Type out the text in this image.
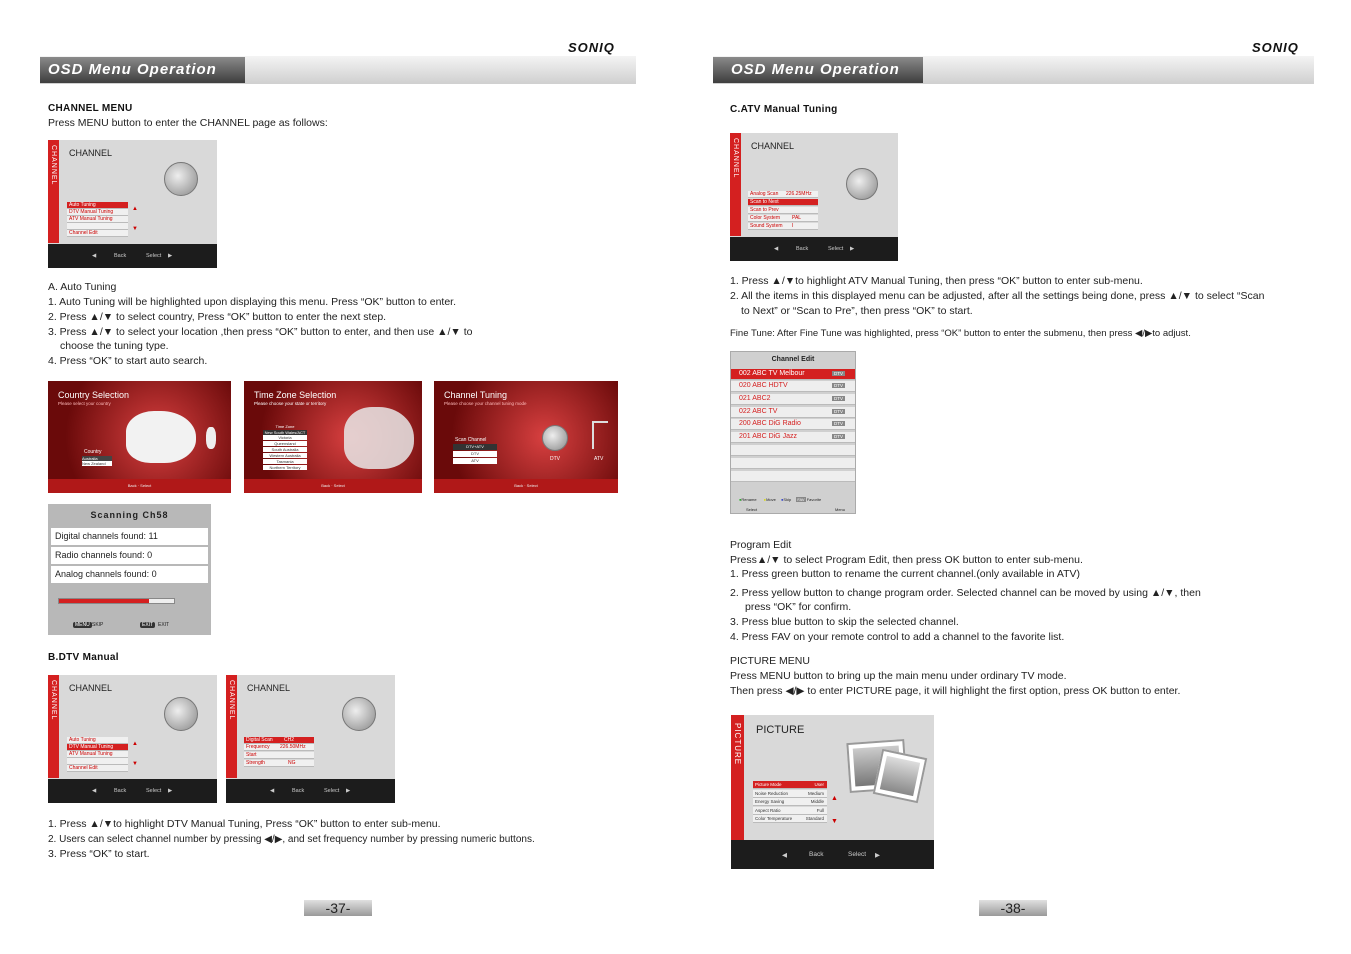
SONIQ
OSD Menu Operation
CHANNEL MENU
Press MENU button to enter the CHANNEL page as follows:
CHANNEL CHANNEL
Auto Tuning
DTV Manual Tuning
ATV Manual Tuning
Channel Edit
▲
▼
◀	Back	Select ▶
A. Auto Tuning
1. Auto Tuning will be highlighted upon displaying this menu. Press “OK” button to enter.
2. Press ▲/▼ to select country, Press “OK” button to enter the next step.
3. Press ▲/▼ to select your location ,then press “OK” button to enter, and then use ▲/▼ to
choose the tuning type.
4. Press “OK” to start auto search.
Country Selection
Please select your country
Country
Australia
New Zealand
Back · Select
Time Zone Selection
Please choose your state or territory
Time Zone
New South Wales/ACT
Victoria
Queensland
South Australia
Western Australia
Tasmania
Northern Territory
Back · Select
Channel Tuning
Please choose your channel tuning mode
DTV	ATV
Scan Channel
DTV+ATV
DTV
ATV
Back · Select
Scanning Ch58
Digital channels found: 11
Radio channels found: 0
Analog channels found: 0
MENU SKIP	EXIT EXIT
B.DTV Manual
CHANNEL CHANNEL
Auto Tuning
DTV Manual Tuning
ATV Manual Tuning
Channel Edit
▲
▼
◀	Back	Select ▶
CHANNEL CHANNEL
Digital Scan CH2
Frequency 226.50MHz
Start
Strength	NG
◀	Back	Select ▶
1. Press ▲/▼to highlight DTV Manual Tuning, Press “OK” button to enter sub-menu.
2. Users can select channel number by pressing ◀/▶, and set frequency number by pressing numeric buttons.
3. Press “OK” to start.
-37-
SONIQ
OSD Menu Operation
C.ATV Manual Tuning
CHANNEL CHANNEL
Analog Scan 226.25MHz
Scan to Next
Scan to Prev
Color System PAL
Sound System I
◀	Back	Select ▶
1. Press ▲/▼to highlight ATV Manual Tuning, then press “OK” button to enter sub-menu.
2. All the items in this displayed menu can be adjusted, after all the settings being done, press ▲/▼ to select “Scan
to Next” or “Scan to Pre”, then press “OK” to start.
Fine Tune: After Fine Tune was highlighted, press “OK” button to enter the submenu, then press ◀/▶to adjust.
Channel Edit
002 ABC TV Melbour	DTV
020 ABC HDTV	DTV
021 ABC2	DTV
022 ABC TV	DTV
200 ABC DiG Radio	DTV
201 ABC DiG Jazz	DTV
●Rename ●Move ●Skip FAV Favorite
Select	Menu
Program Edit
Press▲/▼ to select Program Edit, then press OK button to enter sub-menu.
1. Press green button to rename the current channel.(only available in ATV)
2. Press yellow button to change program order. Selected channel can be moved by using ▲/▼, then
press “OK” for confirm.
3. Press blue button to skip the selected channel.
4. Press FAV on your remote control to add a channel to the favorite list.
PICTURE MENU
Press MENU button to bring up the main menu under ordinary TV mode.
Then press ◀/▶ to enter PICTURE page, it will highlight the first option, press OK button to enter.
PICTURE PICTURE
Picture Mode	User
Noise Reduction	Medium
Energy Saving	Middle
Aspect Ratio	Full
Color Temperature	Standard
▲
▼
◀	Back	Select ▶
-38-
